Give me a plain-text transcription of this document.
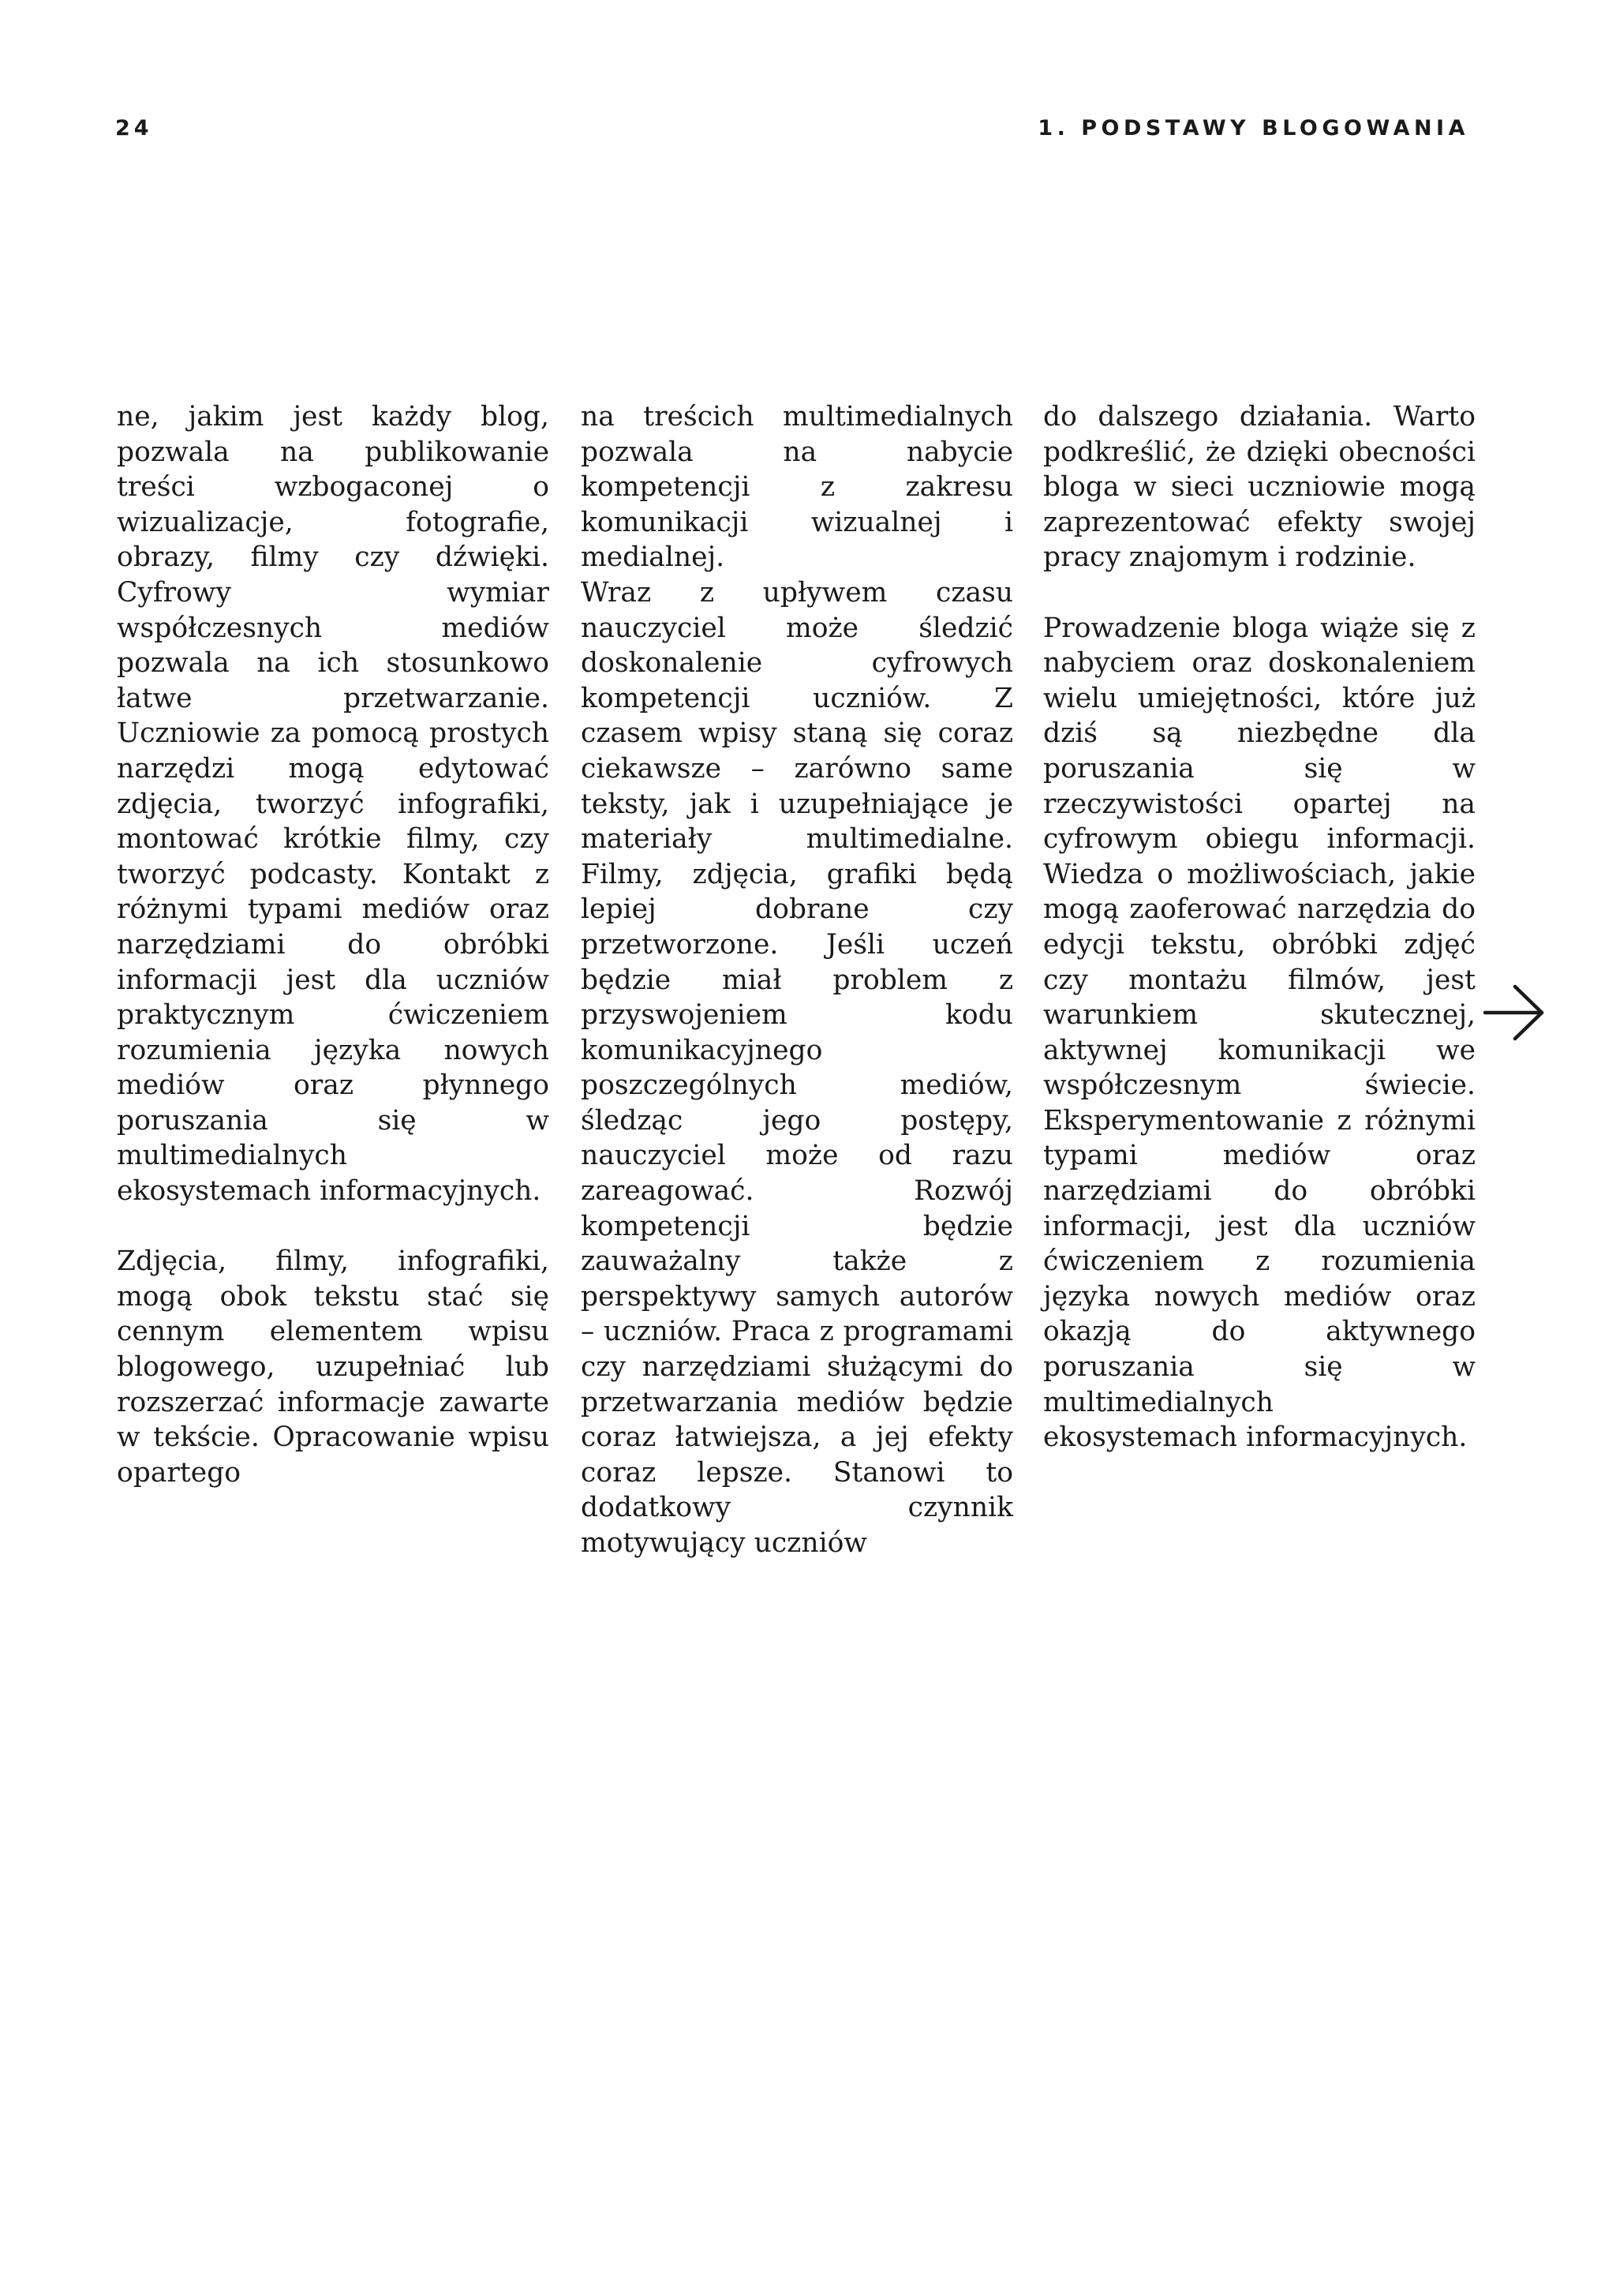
24	1. PODSTAWY BLOGOWANIA

ne, jakim jest każdy blog, pozwala na publikowanie treści wzbogaconej o wizualizacje, fotografie, obrazy, filmy czy dźwięki. Cyfrowy wymiar współczesnych mediów pozwala na ich stosunkowo łatwe przetwarzanie. Uczniowie za pomocą prostych narzędzi mogą edytować zdjęcia, tworzyć infografiki, montować krótkie filmy, czy tworzyć podcasty. Kontakt z różnymi typami mediów oraz narzędziami do obróbki informacji jest dla uczniów praktycznym ćwiczeniem rozumienia języka nowych mediów oraz płynnego poruszania się w multimedialnych ekosystemach informacyjnych.

Zdjęcia, filmy, infografiki, mogą obok tekstu stać się cennym elementem wpisu blogowego, uzupełniać lub rozszerzać informacje zawarte w tekście. Opracowanie wpisu opartego

na treścich multimedialnych pozwala na nabycie kompetencji z zakresu komunikacji wizualnej i medialnej.

Wraz z upływem czasu nauczyciel może śledzić doskonalenie cyfrowych kompetencji uczniów. Z czasem wpisy staną się coraz ciekawsze – zarówno same teksty, jak i uzupełniające je materiały multimedialne. Filmy, zdjęcia, grafiki będą lepiej dobrane czy przetworzone. Jeśli uczeń będzie miał problem z przyswojeniem kodu komunikacyjnego poszczególnych mediów, śledząc jego postępy, nauczyciel może od razu zareagować. Rozwój kompetencji będzie zauważalny także z perspektywy samych autorów – uczniów. Praca z programami czy narzędziami służącymi do przetwarzania mediów będzie coraz łatwiejsza, a jej efekty coraz lepsze. Stanowi to dodatkowy czynnik motywujący uczniów

do dalszego działania. Warto podkreślić, że dzięki obecności bloga w sieci uczniowie mogą zaprezentować efekty swojej pracy znajomym i rodzinie.

Prowadzenie bloga wiąże się z nabyciem oraz doskonaleniem wielu umiejętności, które już dziś są niezbędne dla poruszania się w rzeczywistości opartej na cyfrowym obiegu informacji. Wiedza o możliwościach, jakie mogą zaoferować narzędzia do edycji tekstu, obróbki zdjęć czy montażu filmów, jest warunkiem skutecznej, aktywnej komunikacji we współczesnym świecie. Eksperymentowanie z różnymi typami mediów oraz narzędziami do obróbki informacji, jest dla uczniów ćwiczeniem z rozumienia języka nowych mediów oraz okazją do aktywnego poruszania się w multimedialnych ekosystemach informacyjnych.
